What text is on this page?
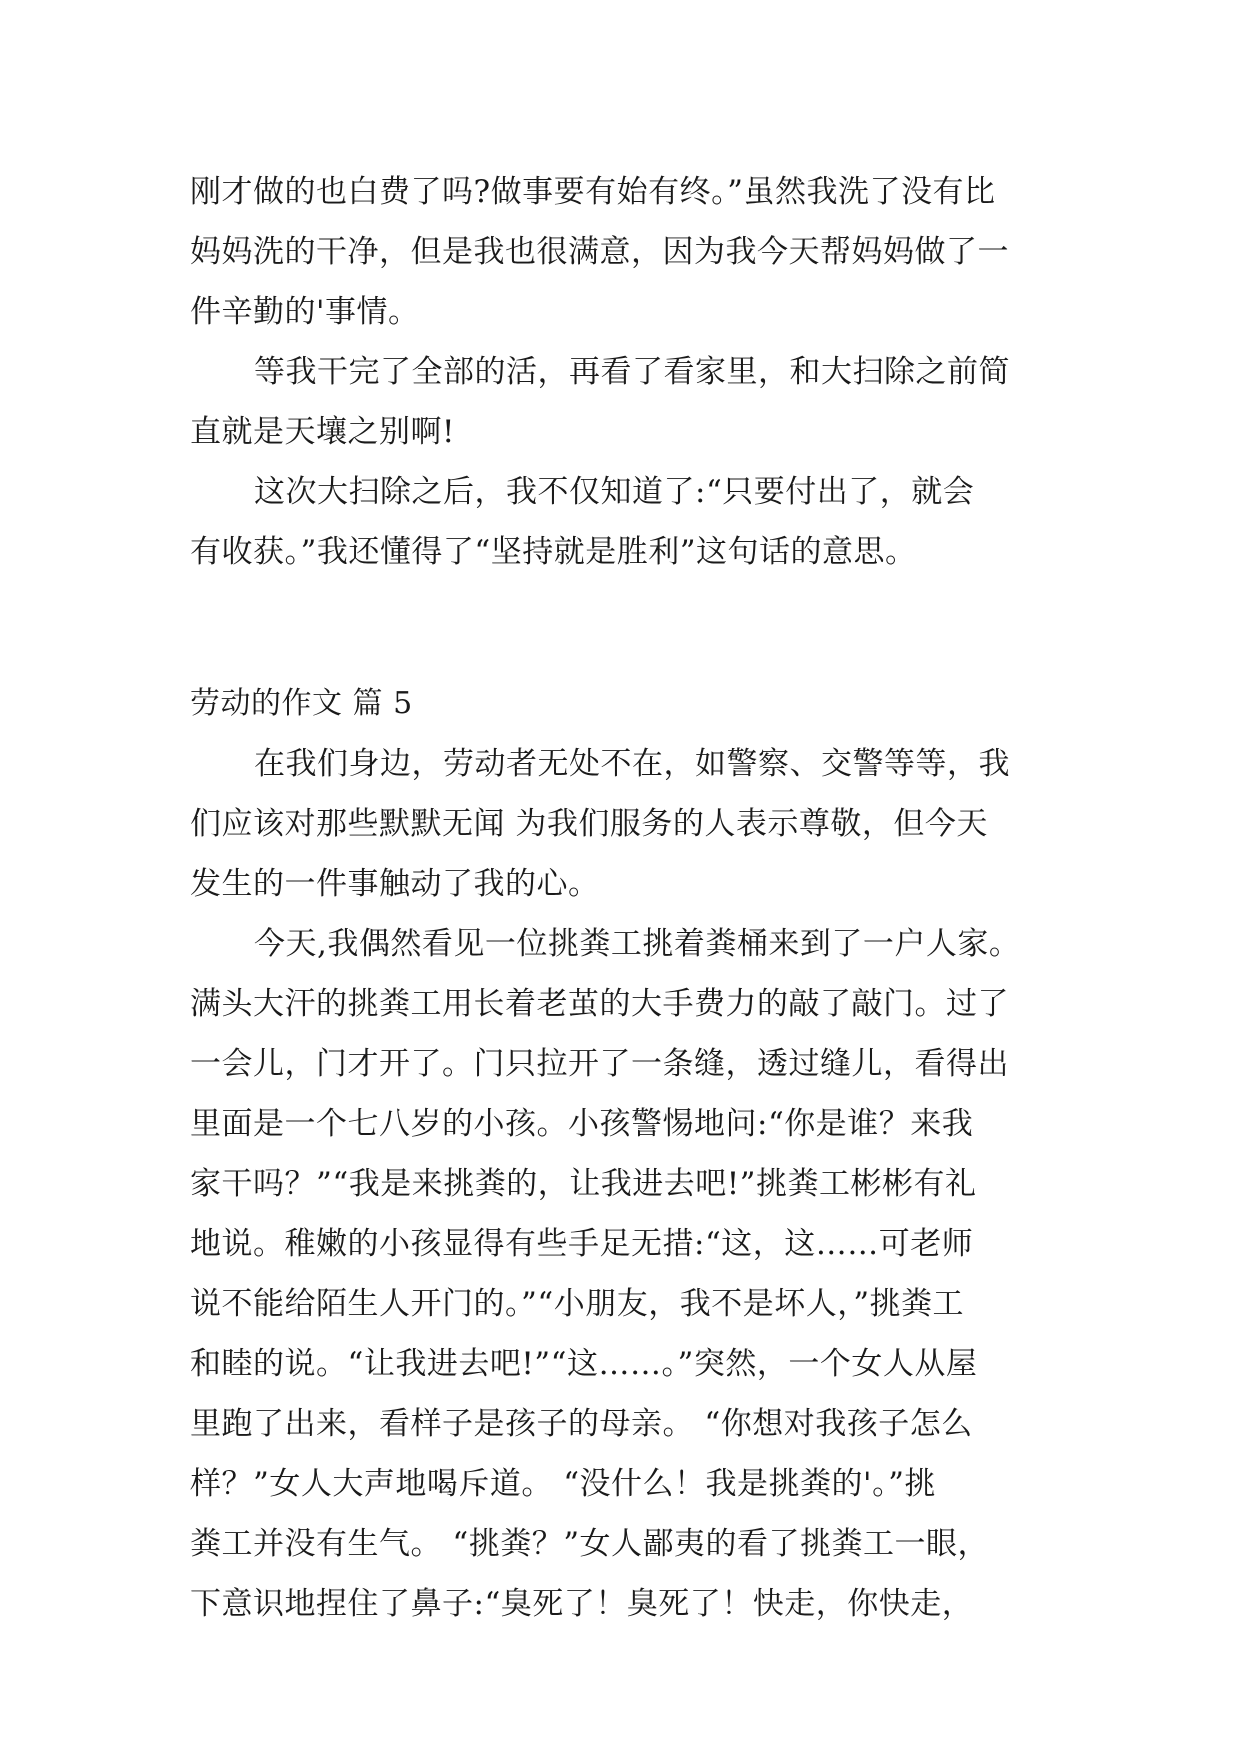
刚才做的也白费了吗?做事要有始有终。”虽然我洗了没有比
妈妈洗的干净，但是我也很满意，因为我今天帮妈妈做了一
件辛勤的'事情。
等我干完了全部的活，再看了看家里，和大扫除之前简
直就是天壤之别啊!
这次大扫除之后，我不仅知道了:“只要付出了，就会
有收获。”我还懂得了“坚持就是胜利”这句话的意思。
劳动的作文 篇 5
在我们身边，劳动者无处不在，如警察、交警等等，我
们应该对那些默默无闻 为我们服务的人表示尊敬，但今天
发生的一件事触动了我的心。
今天,我偶然看见一位挑粪工挑着粪桶来到了一户人家。
满头大汗的挑粪工用长着老茧的大手费力的敲了敲门。过了
一会儿，门才开了。门只拉开了一条缝，透过缝儿，看得出
里面是一个七八岁的小孩。小孩警惕地问:“你是谁？来我
家干吗？”“我是来挑粪的，让我进去吧!”挑粪工彬彬有礼
地说。稚嫩的小孩显得有些手足无措:“这，这……可老师
说不能给陌生人开门的。”“小朋友，我不是坏人，”挑粪工
和睦的说。“让我进去吧!”“这……。”突然，一个女人从屋
里跑了出来，看样子是孩子的母亲。 “你想对我孩子怎么
样？”女人大声地喝斥道。 “没什么！我是挑粪的'。”挑
粪工并没有生气。 “挑粪？”女人鄙夷的看了挑粪工一眼，
下意识地捏住了鼻子:“臭死了！臭死了！快走，你快走，
